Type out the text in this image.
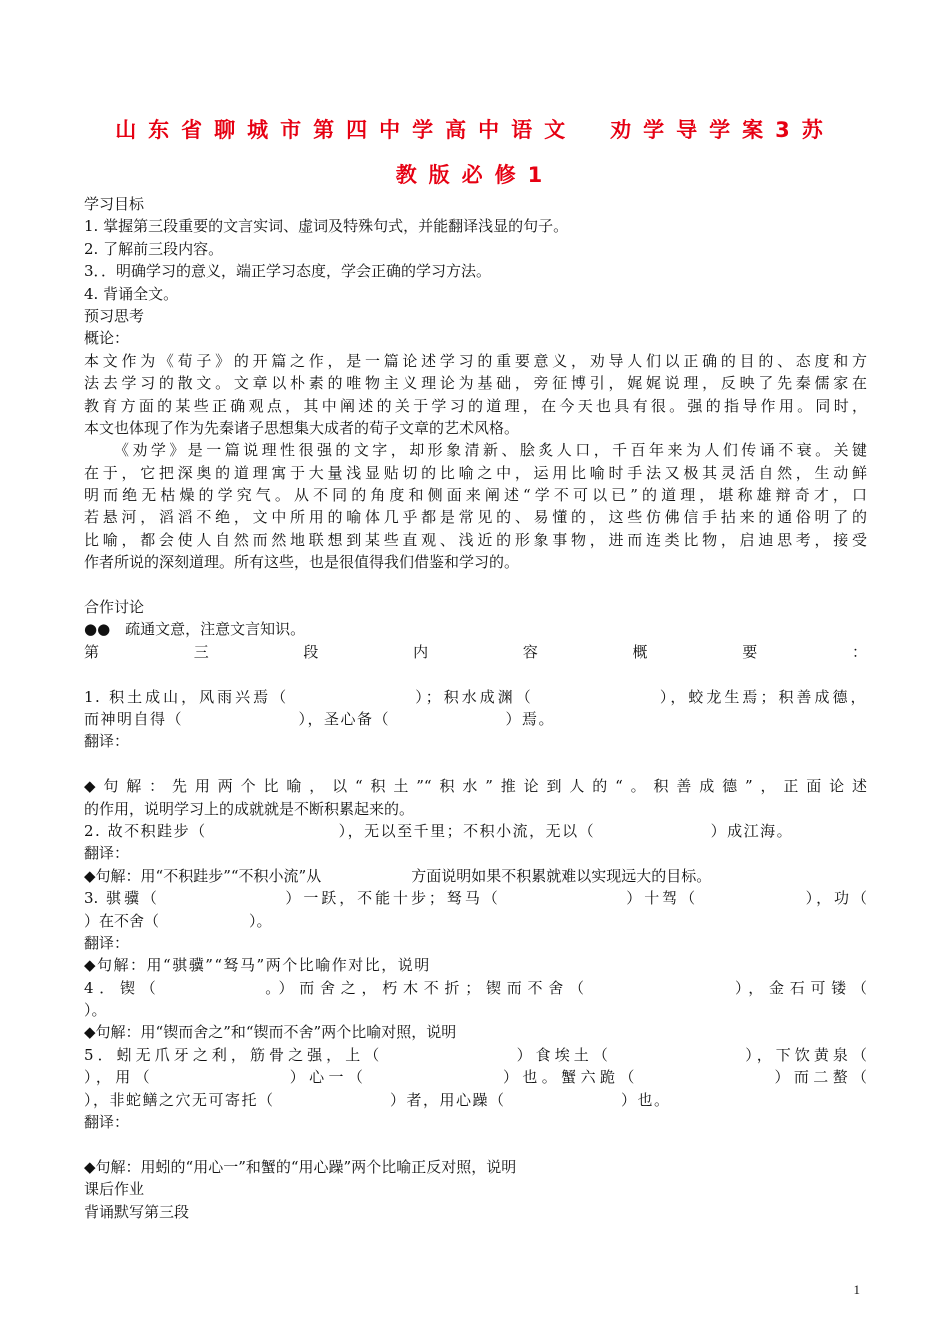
山东省聊城市第四中学高中语文　劝学导学案3苏
教版必修1
学习目标
1. 掌握第三段重要的文言实词、虚词及特殊句式，并能翻译浅显的句子。
2. 了解前三段内容。
3．．明确学习的意义，端正学习态度，学会正确的学习方法。
4. 背诵全文。
预习思考
概论：
本文作为《荀子》的开篇之作，是一篇论述学习的重要意义，劝导人们以正确的目的、态度和方
法去学习的散文。文章以朴素的唯物主义理论为基础，旁征博引，娓娓说理，反映了先秦儒家在
教育方面的某些正确观点，其中阐述的关于学习的道理，在今天也具有很。强的指导作用。同时，
本文也体现了作为先秦诸子思想集大成者的荀子文章的艺术风格。
《劝学》是一篇说理性很强的文字，却形象清新、脍炙人口，千百年来为人们传诵不衰。关键
在于，它把深奥的道理寓于大量浅显贴切的比喻之中，运用比喻时手法又极其灵活自然，生动鲜
明而绝无枯燥的学究气。从不同的角度和侧面来阐述“学不可以已”的道理，堪称雄辩奇才，口
若悬河，滔滔不绝，文中所用的喻体几乎都是常见的、易懂的，这些仿佛信手拈来的通俗明了的
比喻，都会使人自然而然地联想到某些直观、浅近的形象事物，进而连类比物，启迪思考，接受
作者所说的深刻道理。所有这些，也是很值得我们借鉴和学习的。
合作讨论
●●　疏通文意，注意文言知识。
第　三　段　内　容　概　要　：
1. 积土成山，风雨兴焉（　　　　　　　）；积水成渊（　　　　　　　），蛟龙生焉；积善成德，
而神明自得（　　　　　　　），圣心备（　　　　　　　）焉。
翻译：
◆句解：先用两个比喻，以“积土”“积水”推论到人的“。积善成德”，正面论述
的作用，说明学习上的成就就是不断积累起来的。
2. 故不积跬步（　　　　　　　　），无以至千里；不积小流，无以（　　　　　　　）成江海。
翻译：
◆句解：用“不积跬步”“不积小流”从　　　　　　方面说明如果不积累就难以实现远大的目标。
3. 骐骥（　　　　　　　）一跃，不能十步；驽马（　　　　　　　）十驾（　　　　　　），功（
）在不舍（　　　　　　）。
翻译：
◆句解：用“骐骥”“驽马”两个比喻作对比，说明
4．锲（　　　　　。）而舍之，朽木不折；锲而不舍（　　　　　　　），金石可镂（
）。
◆句解：用“锲而舍之”和“锲而不舍”两个比喻对照，说明
5．蚓无爪牙之利，筋骨之强，上（　　　　　　　）食埃土（　　　　　　　），下饮黄泉（
），用（　　　　　　　）心一（　　　　　　　）也。蟹六跪（　　　　　　　）而二螯（
），非蛇鳝之穴无可寄托（　　　　　　　）者，用心躁（　　　　　　　）也。
翻译：
◆句解：用蚓的“用心一”和蟹的“用心躁”两个比喻正反对照，说明
课后作业
背诵默写第三段
1
